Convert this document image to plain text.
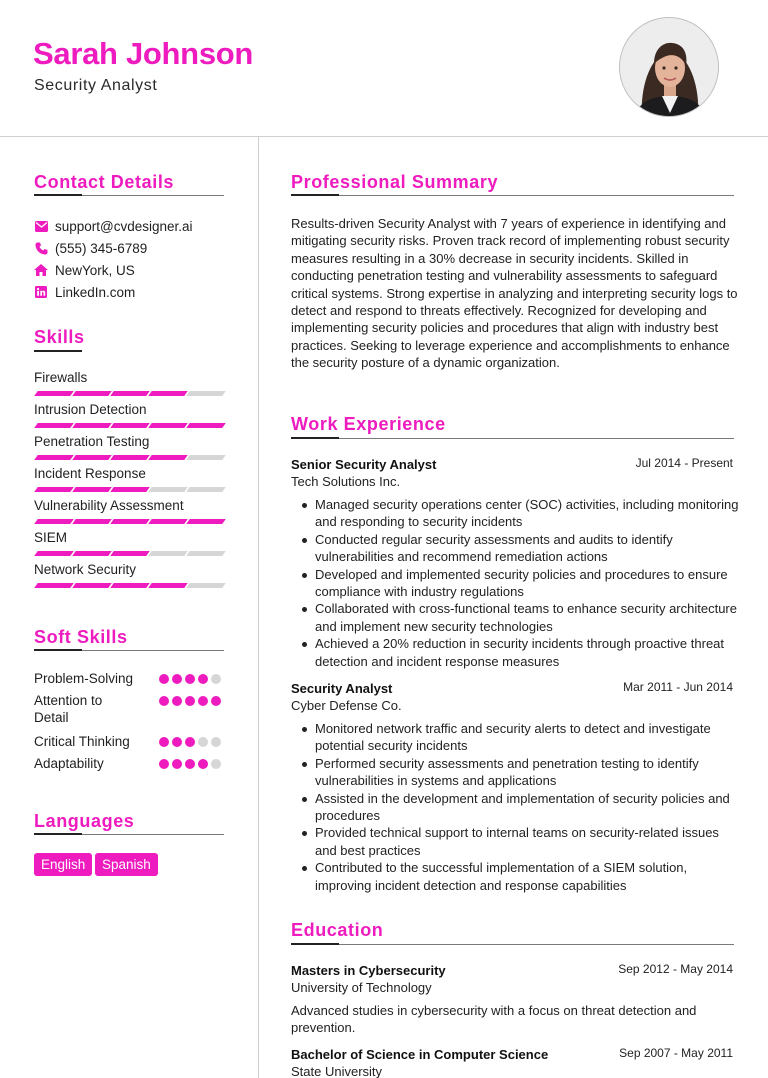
Sarah Johnson
Security Analyst
Contact Details
support@cvdesigner.ai
(555) 345-6789
NewYork, US
LinkedIn.com
Skills
Firewalls
Intrusion Detection
Penetration Testing
Incident Response
Vulnerability Assessment
SIEM
Network Security
Soft Skills
Problem-Solving
Attention to Detail
Critical Thinking
Adaptability
Languages
English	Spanish
Professional Summary
Results-driven Security Analyst with 7 years of experience in identifying and mitigating security risks. Proven track record of implementing robust security measures resulting in a 30% decrease in security incidents. Skilled in conducting penetration testing and vulnerability assessments to safeguard critical systems. Strong expertise in analyzing and interpreting security logs to detect and respond to threats effectively. Recognized for developing and implementing security policies and procedures that align with industry best practices. Seeking to leverage experience and accomplishments to enhance the security posture of a dynamic organization.
Work Experience
Senior Security Analyst	Jul 2014 - Present
Tech Solutions Inc.
Managed security operations center (SOC) activities, including monitoring and responding to security incidents
Conducted regular security assessments and audits to identify vulnerabilities and recommend remediation actions
Developed and implemented security policies and procedures to ensure compliance with industry regulations
Collaborated with cross-functional teams to enhance security architecture and implement new security technologies
Achieved a 20% reduction in security incidents through proactive threat detection and incident response measures
Security Analyst	Mar 2011 - Jun 2014
Cyber Defense Co.
Monitored network traffic and security alerts to detect and investigate potential security incidents
Performed security assessments and penetration testing to identify vulnerabilities in systems and applications
Assisted in the development and implementation of security policies and procedures
Provided technical support to internal teams on security-related issues and best practices
Contributed to the successful implementation of a SIEM solution, improving incident detection and response capabilities
Education
Masters in Cybersecurity	Sep 2012 - May 2014
University of Technology
Advanced studies in cybersecurity with a focus on threat detection and prevention.
Bachelor of Science in Computer Science	Sep 2007 - May 2011
State University
